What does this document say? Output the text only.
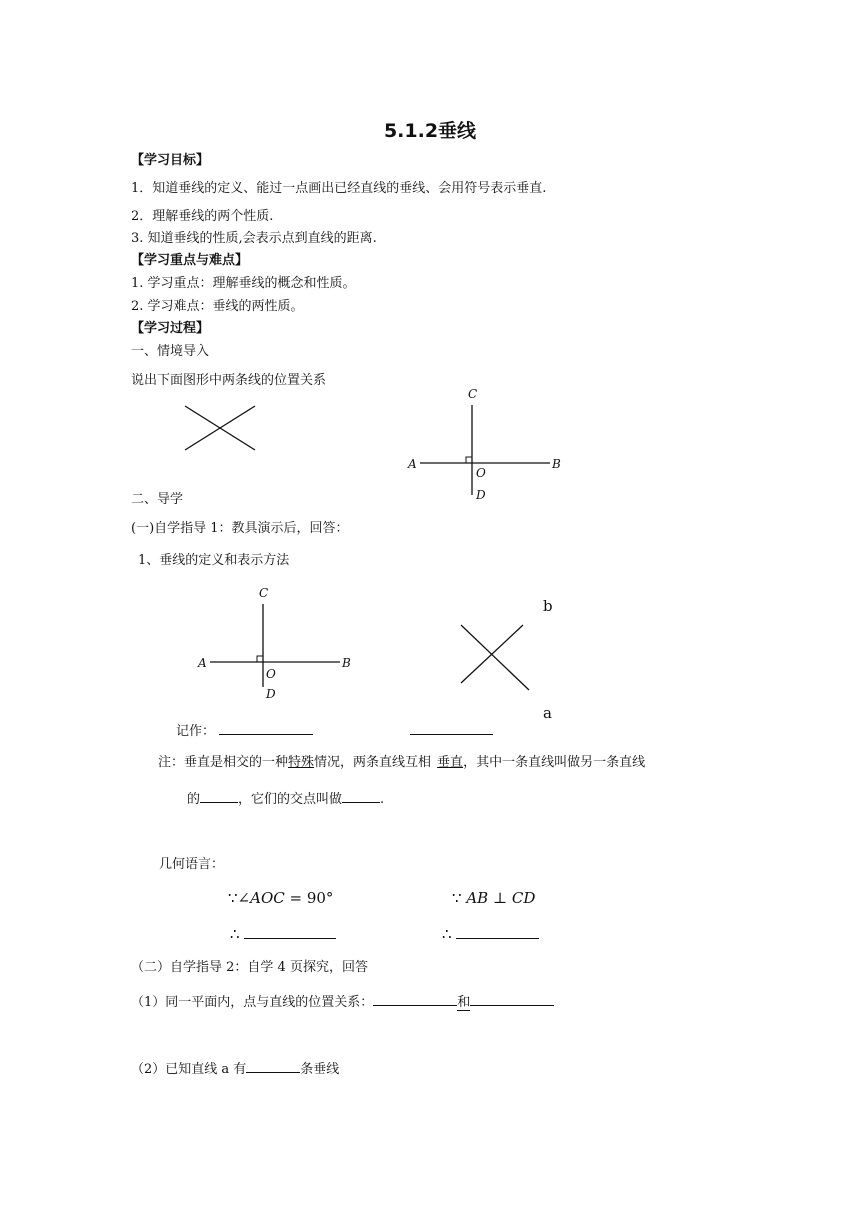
5.1.2垂线
【学习目标】
1．知道垂线的定义、能过一点画出已经直线的垂线、会用符号表示垂直.
2．理解垂线的两个性质.
3. 知道垂线的性质,会表示点到直线的距离.
【学习重点与难点】
1. 学习重点：理解垂线的概念和性质。
2. 学习难点：垂线的两性质。
【学习过程】
一、情境导入
说出下面图形中两条线的位置关系
C
A
O
B
D
二、导学
(一)自学指导 1：教具演示后，回答：
1、垂线的定义和表示方法
C
A
O
B
D
b
a
记作：
注：垂直是相交的一种特殊情况，两条直线互相 垂直，其中一条直线叫做另一条直线
的	，它们的交点叫做	.
几何语言：
∵∠AOC = 90°	∵ AB ⊥ CD
∴	∴
（二）自学指导 2：自学 4 页探究，回答
（1）同一平面内，点与直线的位置关系：	和
（2）已知直线 a 有	条垂线
